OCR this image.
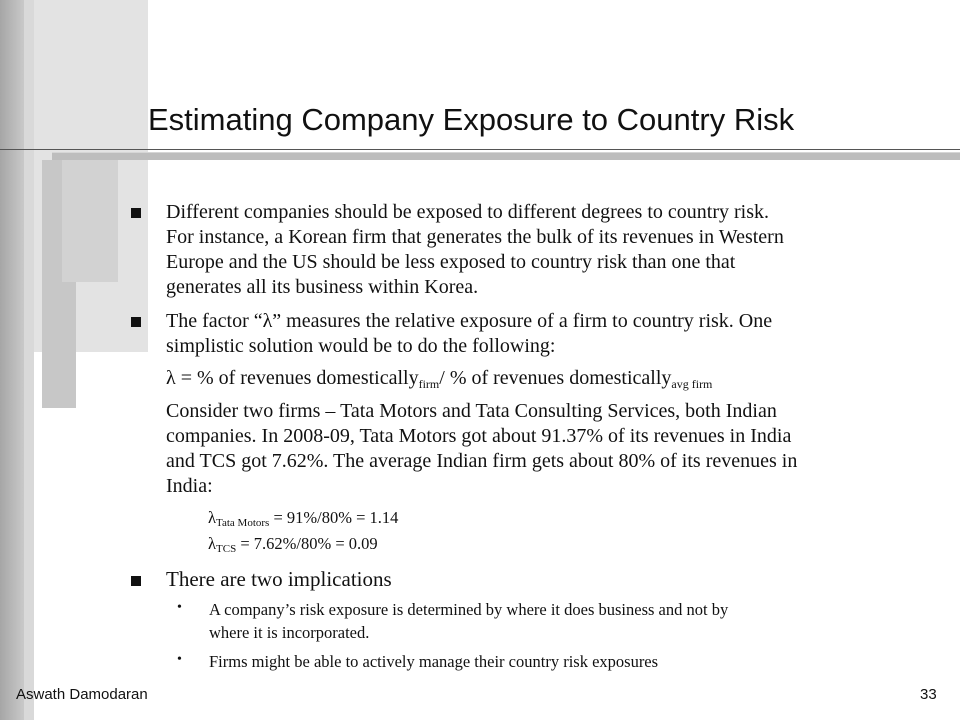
Estimating Company Exposure to Country Risk
Different companies should be exposed to different degrees to country risk.
For instance, a Korean firm that generates the bulk of its revenues in Western
Europe and the US should be less exposed to country risk than one that
generates all its business within Korea.
The factor “λ” measures the relative exposure of a firm to country risk. One
simplistic solution would be to do the following:
λ = % of revenues domestically$_{firm}$/ % of revenues domestically$_{avg firm}$
Consider two firms – Tata Motors and Tata Consulting Services, both Indian
companies. In 2008-09, Tata Motors got about 91.37% of its revenues in India
and TCS got 7.62%. The average Indian firm gets about 80% of its revenues in
India:
λTata Motors = 91%/80% = 1.14
λTCS = 7.62%/80% = 0.09
There are two implications
• A company’s risk exposure is determined by where it does business and not by
where it is incorporated.
• Firms might be able to actively manage their country risk exposures
Aswath Damodaran	33
